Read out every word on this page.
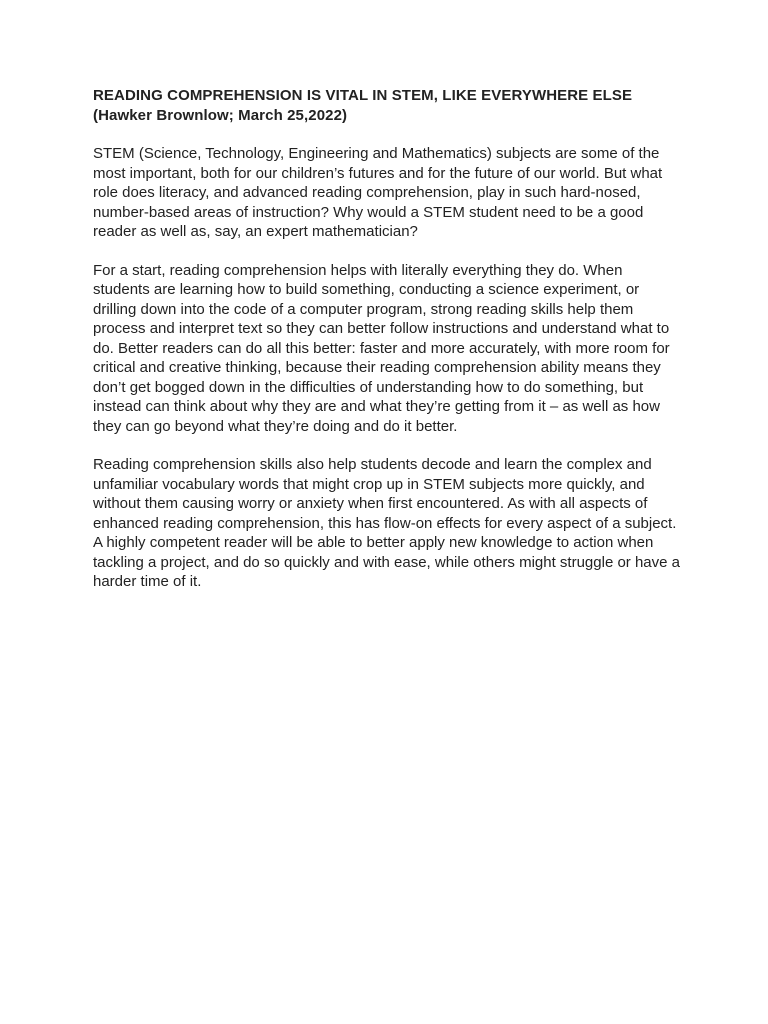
READING COMPREHENSION IS VITAL IN STEM, LIKE EVERYWHERE ELSE (Hawker Brownlow; March 25,2022)

STEM (Science, Technology, Engineering and Mathematics) subjects are some of the most important, both for our children’s futures and for the future of our world. But what role does literacy, and advanced reading comprehension, play in such hard-nosed, number-based areas of instruction? Why would a STEM student need to be a good reader as well as, say, an expert mathematician?

For a start, reading comprehension helps with literally everything they do. When students are learning how to build something, conducting a science experiment, or drilling down into the code of a computer program, strong reading skills help them process and interpret text so they can better follow instructions and understand what to do. Better readers can do all this better: faster and more accurately, with more room for critical and creative thinking, because their reading comprehension ability means they don’t get bogged down in the difficulties of understanding how to do something, but instead can think about why they are and what they’re getting from it – as well as how they can go beyond what they’re doing and do it better.

Reading comprehension skills also help students decode and learn the complex and unfamiliar vocabulary words that might crop up in STEM subjects more quickly, and without them causing worry or anxiety when first encountered. As with all aspects of enhanced reading comprehension, this has flow-on effects for every aspect of a subject. A highly competent reader will be able to better apply new knowledge to action when tackling a project, and do so quickly and with ease, while others might struggle or have a harder time of it.
